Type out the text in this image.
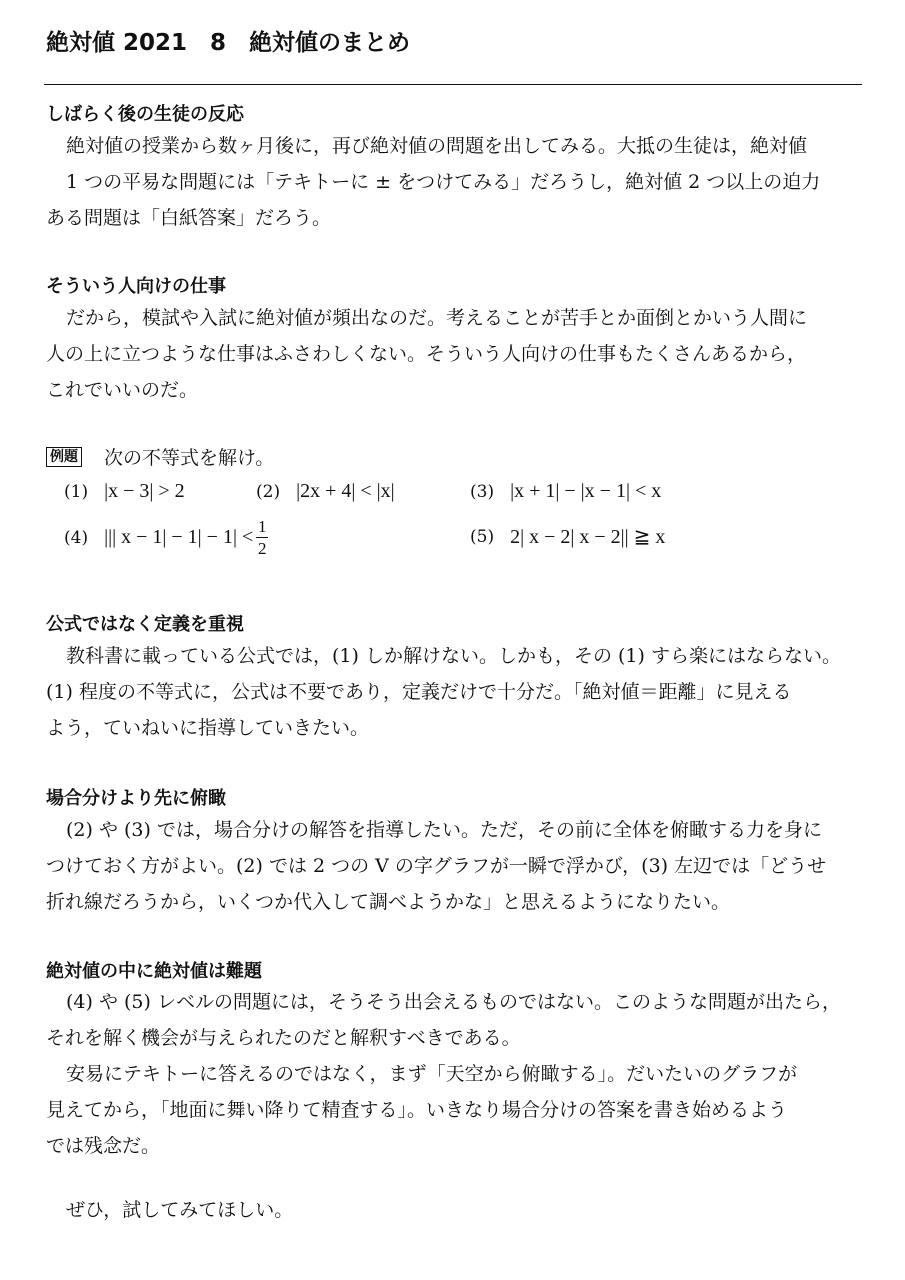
絶対値 2021　8　絶対値のまとめ
しばらく後の生徒の反応
絶対値の授業から数ヶ月後に，再び絶対値の問題を出してみる。大抵の生徒は，絶対値
1 つの平易な問題には「テキトーに ± をつけてみる」だろうし，絶対値 2 つ以上の迫力
ある問題は「白紙答案」だろう。
そういう人向けの仕事
だから，模試や入試に絶対値が頻出なのだ。考えることが苦手とか面倒とかいう人間に
人の上に立つような仕事はふさわしくない。そういう人向けの仕事もたくさんあるから，
これでいいのだ。
例題 次の不等式を解け。
(1) |x − 3| > 2	(2) |2x + 4| < |x|	(3) |x + 1| − |x − 1| < x
(4) ||| $x - 1| - 1| - 1| < \frac{1}{2}$	(5) 2| x − 2| x − 2|| ≧ x
公式ではなく定義を重視
教科書に載っている公式では，(1) しか解けない。しかも，その (1) すら楽にはならない。
(1) 程度の不等式に，公式は不要であり，定義だけで十分だ。「絶対値＝距離」に見える
よう，ていねいに指導していきたい。
場合分けより先に俯瞰
(2) や (3) では，場合分けの解答を指導したい。ただ，その前に全体を俯瞰する力を身に
つけておく方がよい。(2) では 2 つの V の字グラフが一瞬で浮かび，(3) 左辺では「どうせ
折れ線だろうから，いくつか代入して調べようかな」と思えるようになりたい。
絶対値の中に絶対値は難題
(4) や (5) レベルの問題には，そうそう出会えるものではない。このような問題が出たら，
それを解く機会が与えられたのだと解釈すべきである。
安易にテキトーに答えるのではなく，まず「天空から俯瞰する」。だいたいのグラフが
見えてから，「地面に舞い降りて精査する」。いきなり場合分けの答案を書き始めるよう
では残念だ。
ぜひ，試してみてほしい。
